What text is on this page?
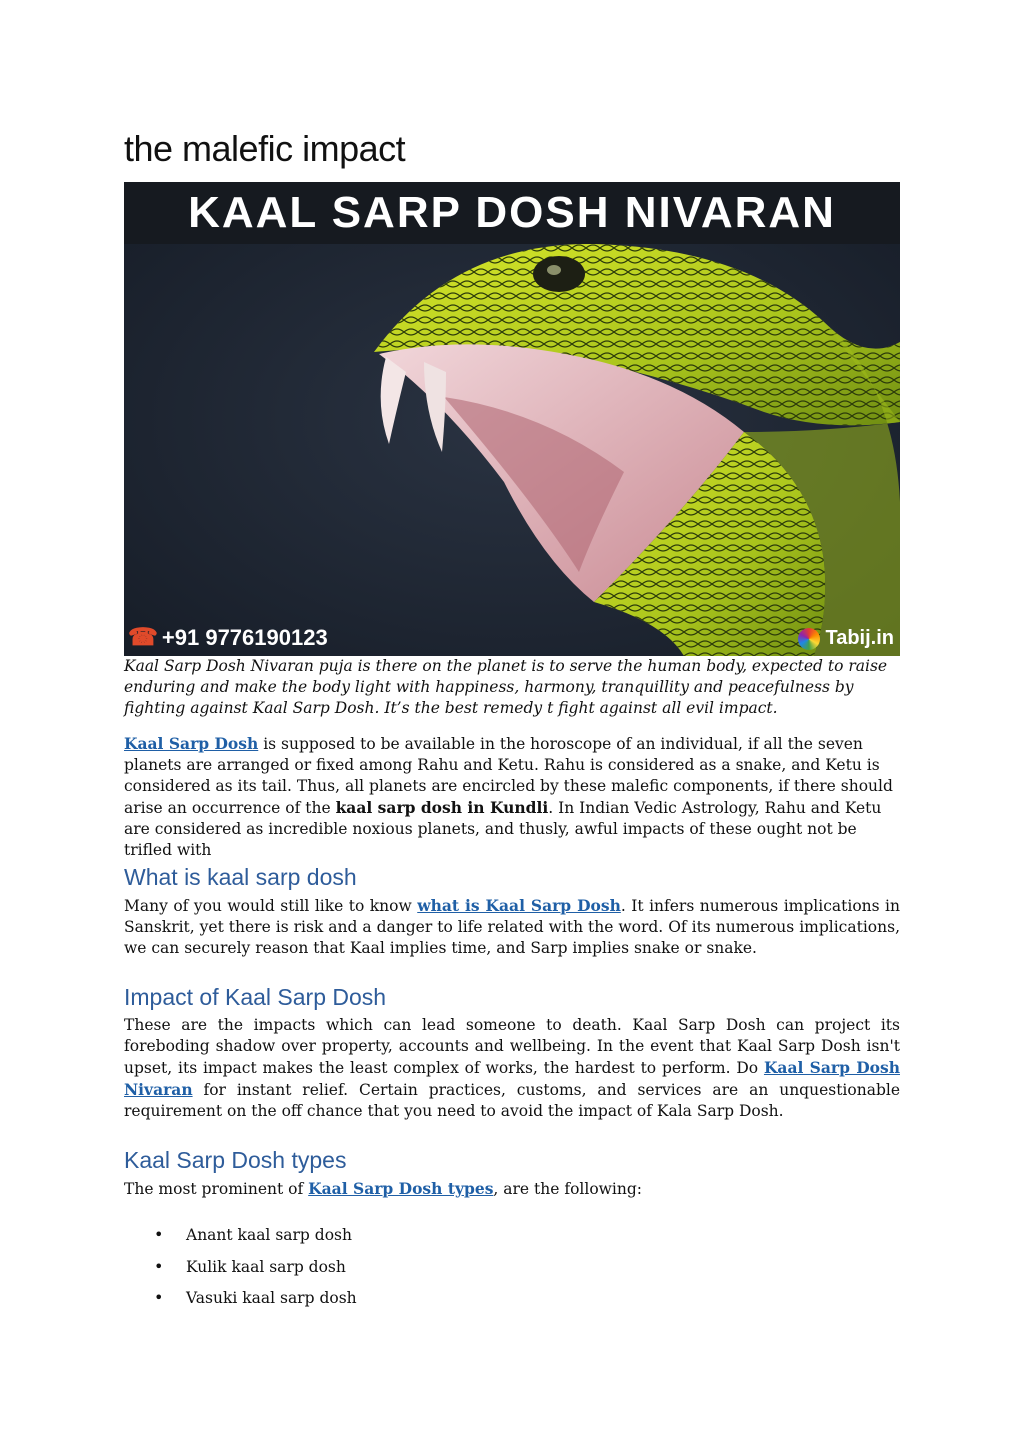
the malefic impact
KAAL SARP DOSH NIVARAN
☎ +91 9776190123	Tabij.in

Kaal Sarp Dosh Nivaran puja is there on the planet is to serve the human body, expected to raise enduring and make the body light with happiness, harmony, tranquillity and peacefulness by fighting against Kaal Sarp Dosh. It’s the best remedy t fight against all evil impact.

Kaal Sarp Dosh is supposed to be available in the horoscope of an individual, if all the seven planets are arranged or fixed among Rahu and Ketu. Rahu is considered as a snake, and Ketu is considered as its tail. Thus, all planets are encircled by these malefic components, if there should arise an occurrence of the kaal sarp dosh in Kundli. In Indian Vedic Astrology, Rahu and Ketu are considered as incredible noxious planets, and thusly, awful impacts of these ought not be trifled with

What is kaal sarp dosh

Many of you would still like to know what is Kaal Sarp Dosh. It infers numerous implications in Sanskrit, yet there is risk and a danger to life related with the word. Of its numerous implications, we can securely reason that Kaal implies time, and Sarp implies snake or snake.

Impact of Kaal Sarp Dosh

These are the impacts which can lead someone to death. Kaal Sarp Dosh can project its foreboding shadow over property, accounts and wellbeing. In the event that Kaal Sarp Dosh isn't upset, its impact makes the least complex of works, the hardest to perform. Do Kaal Sarp Dosh Nivaran for instant relief. Certain practices, customs, and services are an unquestionable requirement on the off chance that you need to avoid the impact of Kala Sarp Dosh.

Kaal Sarp Dosh types

The most prominent of Kaal Sarp Dosh types, are the following:

• Anant kaal sarp dosh
• Kulik kaal sarp dosh
• Vasuki kaal sarp dosh
